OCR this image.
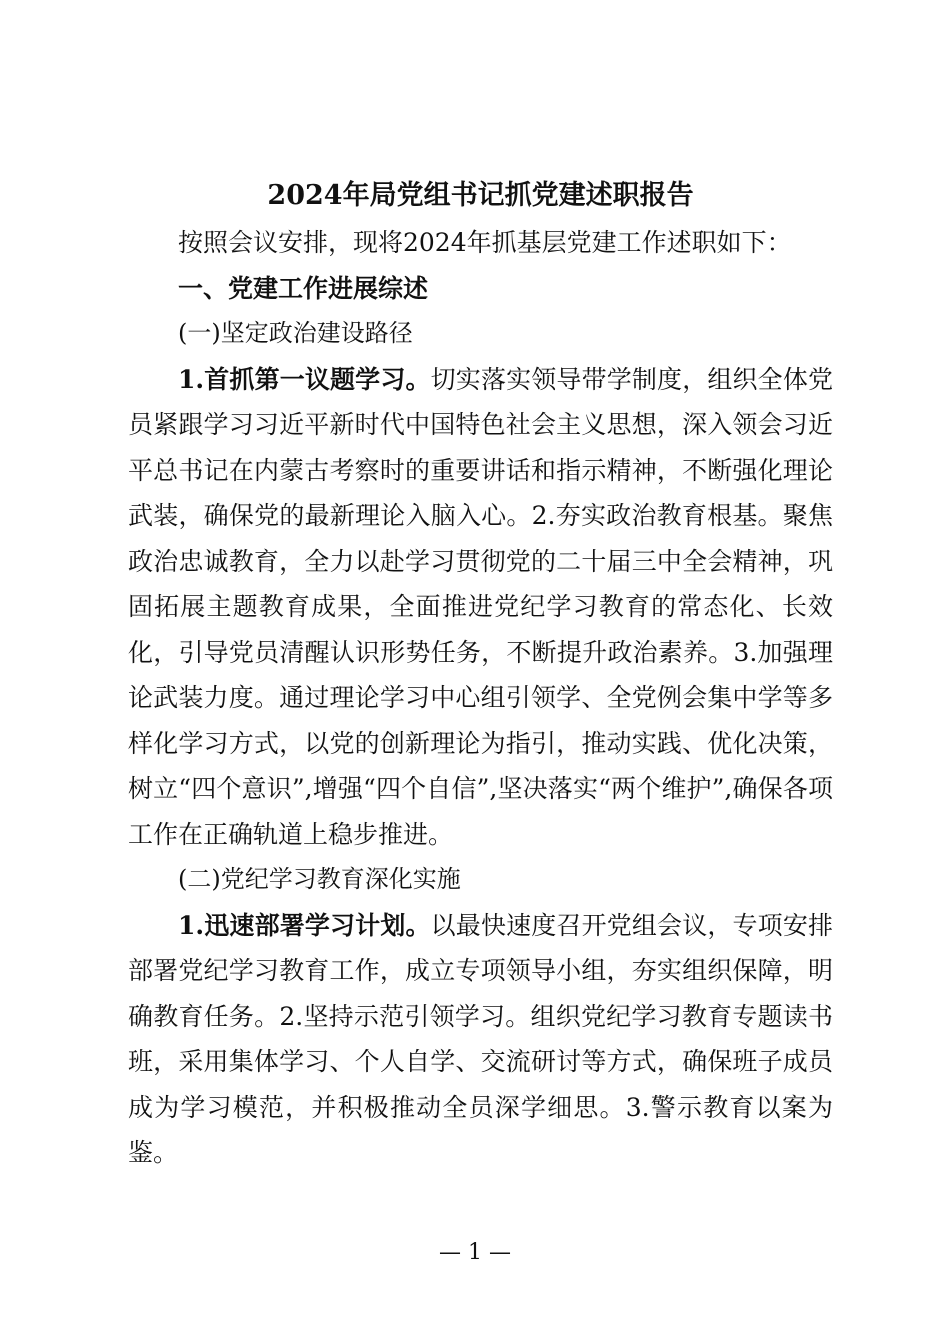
2024年局党组书记抓党建述职报告

按照会议安排，现将2024年抓基层党建工作述职如下：

一、党建工作进展综述

(一)坚定政治建设路径

1.首抓第一议题学习。切实落实领导带学制度，组织全体党员紧跟学习习近平新时代中国特色社会主义思想，深入领会习近平总书记在内蒙古考察时的重要讲话和指示精神，不断强化理论武装，确保党的最新理论入脑入心。2.夯实政治教育根基。聚焦政治忠诚教育，全力以赴学习贯彻党的二十届三中全会精神，巩固拓展主题教育成果，全面推进党纪学习教育的常态化、长效化，引导党员清醒认识形势任务，不断提升政治素养。3.加强理论武装力度。通过理论学习中心组引领学、全党例会集中学等多样化学习方式，以党的创新理论为指引，推动实践、优化决策，树立“四个意识”,增强“四个自信”,坚决落实“两个维护”,确保各项工作在正确轨道上稳步推进。

(二)党纪学习教育深化实施

1.迅速部署学习计划。以最快速度召开党组会议，专项安排部署党纪学习教育工作，成立专项领导小组，夯实组织保障，明确教育任务。2.坚持示范引领学习。组织党纪学习教育专题读书班，采用集体学习、个人自学、交流研讨等方式，确保班子成员成为学习模范，并积极推动全员深学细思。3.警示教育以案为鉴。

— 1 —
